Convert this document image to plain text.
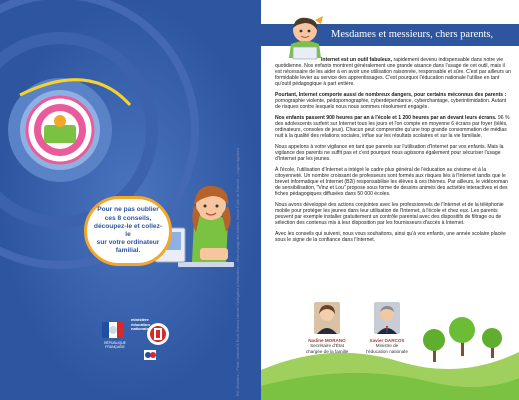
Pour ne pas oublier
ces 8 conseils,
découpez-le et collez-le
sur votre ordinateur
familial.
RÉPUBLIQUE FRANÇAISE
ministère
éducation
nationale	Réf. Ministère – Photo : Internet & Ecole, Bureau Internet / Délégation à l'éducation — Mise en page des articles: Service Public de l'Internet — Légion Aquitaine
Mesdames et messieurs, chers parents,

Internet est un outil fabuleux, rapidement devenu indispensable dans notre vie quotidienne. Nos enfants montrent généralement une grande aisance dans l'usage de cet outil, mais il est nécessaire de les aider à en avoir une utilisation raisonnée, responsable et sûre. C'est par ailleurs un formidable levier au service des apprentissages. C'est pourquoi l'éducation nationale l'utilise en tant qu'outil pédagogique à part entière.

Pourtant, Internet comporte aussi de nombreux dangers, pour certains méconnus des parents : pornographie violente, pédopornographie, cyberdépendance, cyberchantage, cyberintimidation. Autant de risques contre lesquels nous nous sommes résolument engagés.

Nos enfants passent 900 heures par an à l'école et 1 200 heures par an devant leurs écrans. 96 % des adolescents surfent sur Internet tous les jours et l'on compte en moyenne 6 écrans par foyer (télés, ordinateurs, consoles de jeux). Chacun peut comprendre qu'une trop grande consommation de médias nuit à la qualité des relations sociales, influe sur les résultats scolaires et sur la vie familiale.

Nous appelons à votre vigilance en tant que parents sur l'utilisation d'Internet par vos enfants. Mais la vigilance des parents ne suffit pas et c'est pourquoi nous agissons également pour sécuriser l'usage d'Internet par les jeunes.

À l'école, l'utilisation d'Internet a intégré le cadre plus général de l'éducation au civisme et à la citoyenneté. Un nombre croissant de professeurs sont formés aux risques liés à l'Internet tandis que le brevet informatique et Internet (B2i) responsabilise les élèves à ces thèmes. Par ailleurs, le vidéoroman de sensibilisation, "Vinz et Lou" propose sous forme de dessins animés des activités interactives et des fiches pédagogiques diffusées dans 50 000 écoles.

Nous avons développé des actions conjointes avec les professionnels de l'Internet et de la téléphonie mobile pour protéger les jeunes dans leur utilisation de l'Internet, à l'école et chez eux. Les parents peuvent par exemple installer gratuitement un contrôle parental avec des dispositifs de filtrage ou de sélection des contenus mis à leur disposition par les fournisseurs d'accès à Internet.

Avec les conseils qui suivent, nous vous souhaitons, ainsi qu'à vos enfants, une année scolaire placée sous le signe de la confiance dans l'Internet.

Nadine MORANO
Secrétaire d'État
chargée de la famille
Xavier DARCOS
Ministre de
l'éducation nationale
